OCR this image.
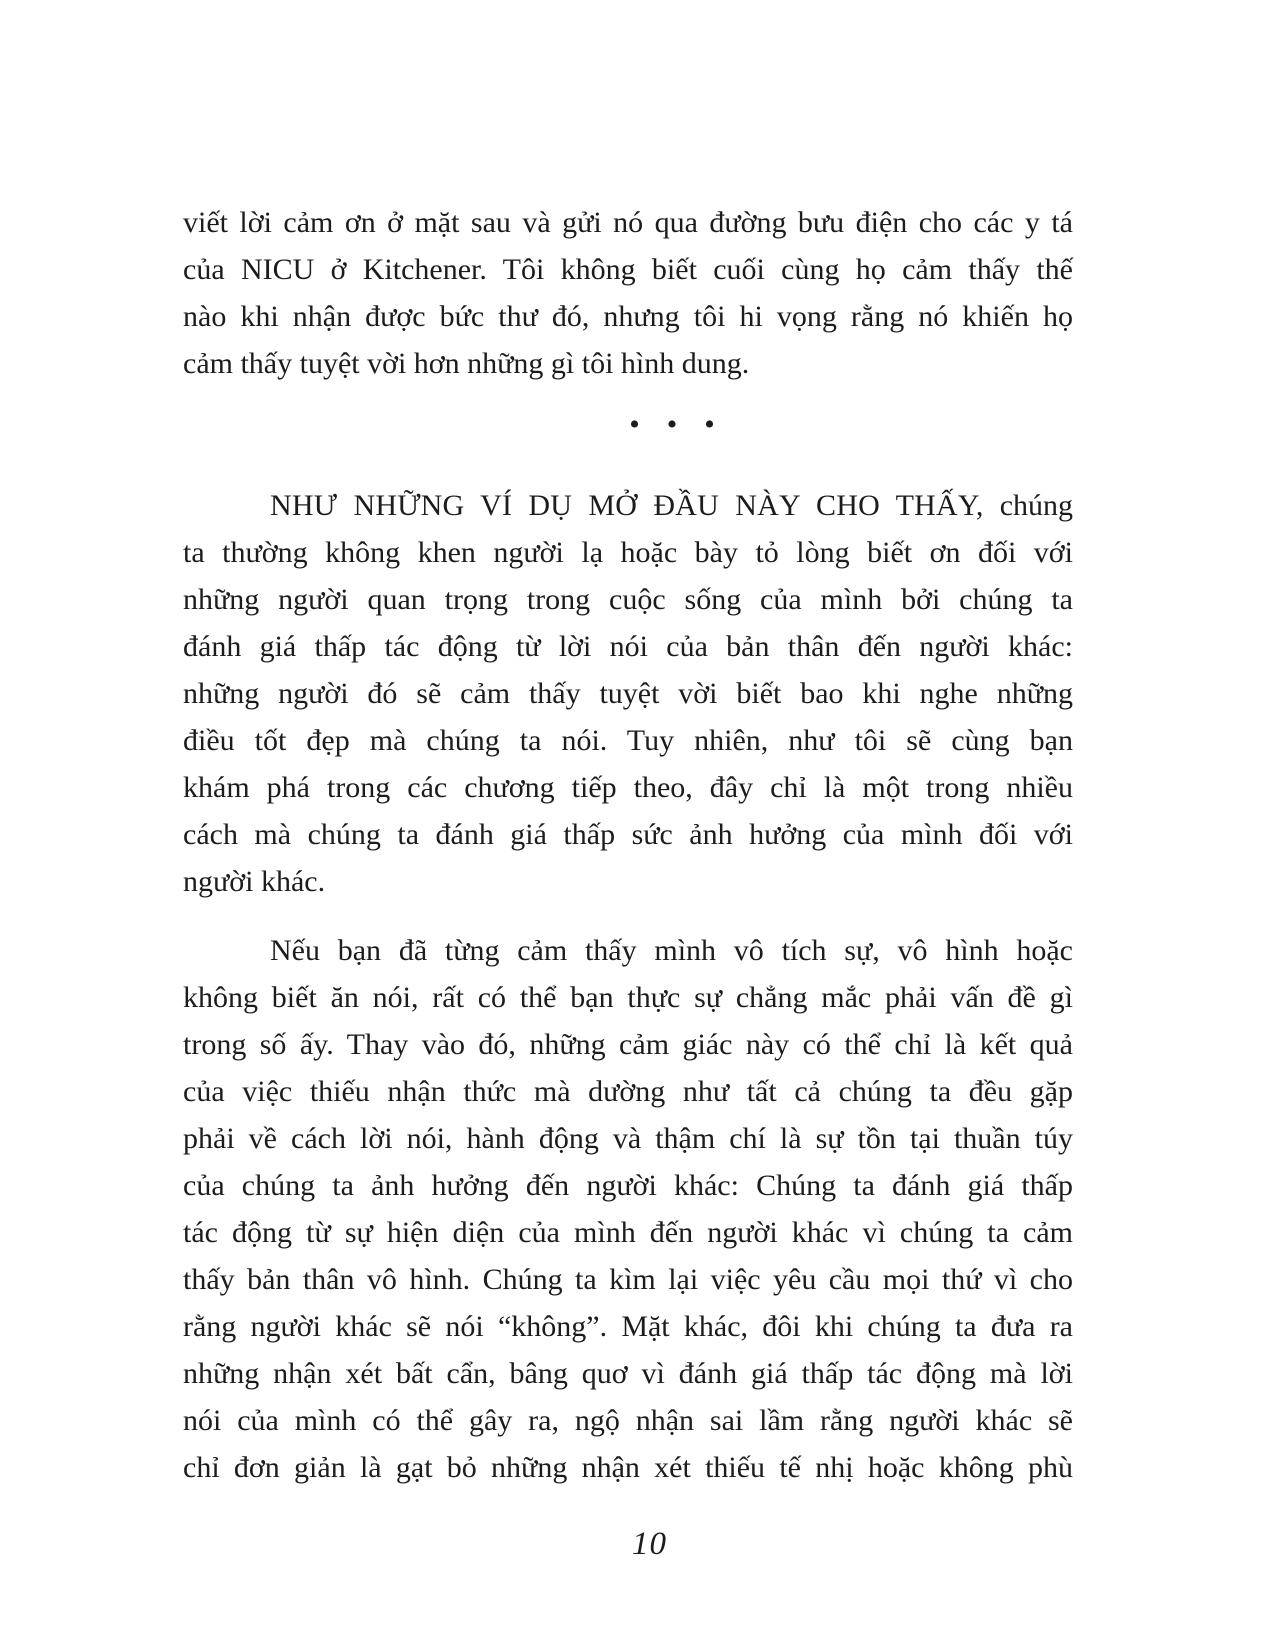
viết lời cảm ơn ở mặt sau và gửi nó qua đường bưu điện cho các y tá
của NICU ở Kitchener. Tôi không biết cuối cùng họ cảm thấy thế
nào khi nhận được bức thư đó, nhưng tôi hi vọng rằng nó khiến họ
cảm thấy tuyệt vời hơn những gì tôi hình dung.
• • •
NHƯ NHỮNG VÍ DỤ MỞ ĐẦU NÀY CHO THẤY, chúng
ta thường không khen người lạ hoặc bày tỏ lòng biết ơn đối với
những người quan trọng trong cuộc sống của mình bởi chúng ta
đánh giá thấp tác động từ lời nói của bản thân đến người khác:
những người đó sẽ cảm thấy tuyệt vời biết bao khi nghe những
điều tốt đẹp mà chúng ta nói. Tuy nhiên, như tôi sẽ cùng bạn
khám phá trong các chương tiếp theo, đây chỉ là một trong nhiều
cách mà chúng ta đánh giá thấp sức ảnh hưởng của mình đối với
người khác.
Nếu bạn đã từng cảm thấy mình vô tích sự, vô hình hoặc
không biết ăn nói, rất có thể bạn thực sự chẳng mắc phải vấn đề gì
trong số ấy. Thay vào đó, những cảm giác này có thể chỉ là kết quả
của việc thiếu nhận thức mà dường như tất cả chúng ta đều gặp
phải về cách lời nói, hành động và thậm chí là sự tồn tại thuần túy
của chúng ta ảnh hưởng đến người khác: Chúng ta đánh giá thấp
tác động từ sự hiện diện của mình đến người khác vì chúng ta cảm
thấy bản thân vô hình. Chúng ta kìm lại việc yêu cầu mọi thứ vì cho
rằng người khác sẽ nói “không”. Mặt khác, đôi khi chúng ta đưa ra
những nhận xét bất cẩn, bâng quơ vì đánh giá thấp tác động mà lời
nói của mình có thể gây ra, ngộ nhận sai lầm rằng người khác sẽ
chỉ đơn giản là gạt bỏ những nhận xét thiếu tế nhị hoặc không phù
10
